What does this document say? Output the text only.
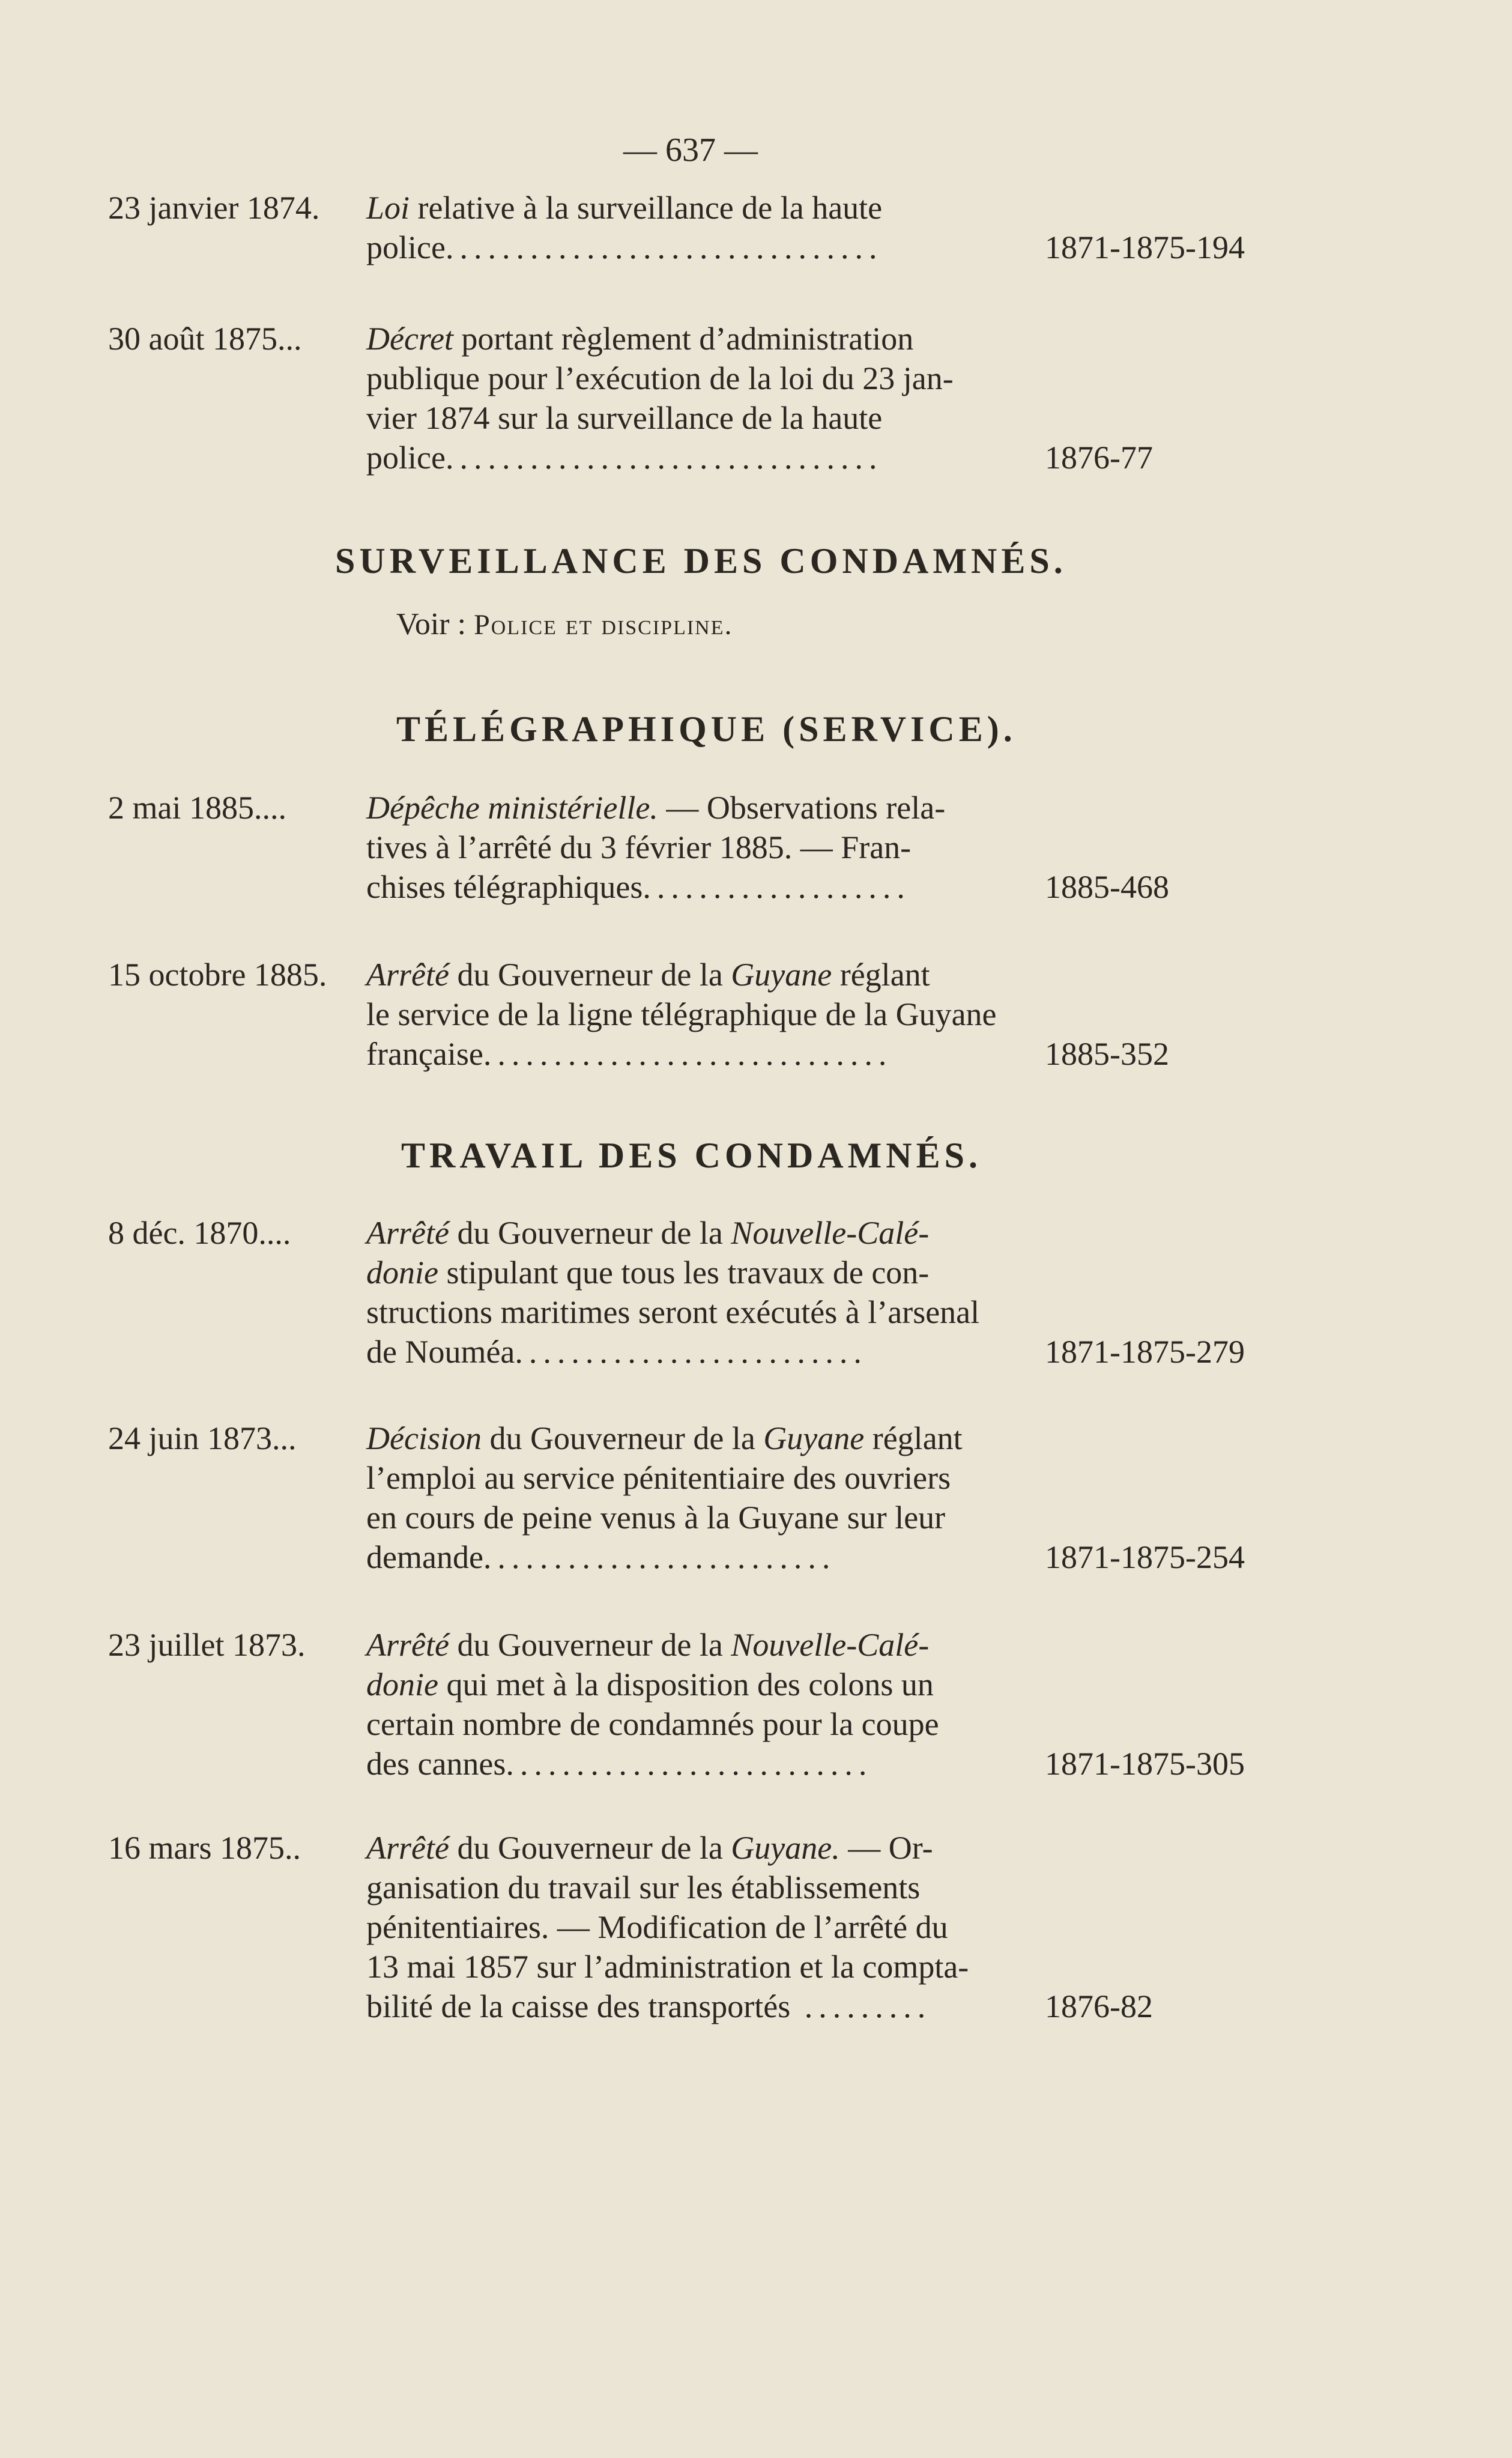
— 637 —
23 janvier 1874. Loi relative à la surveillance de la haute
police...............................	1871-1875-194
30 août 1875... Décret portant règlement d’administration
publique pour l’exécution de la loi du 23 jan-
vier 1874 sur la surveillance de la haute
police...............................	1876-77
SURVEILLANCE DES CONDAMNÉS.
Voir : Police et discipline.
TÉLÉGRAPHIQUE (SERVICE).
2 mai 1885.... Dépêche ministérielle. — Observations rela-
tives à l’arrêté du 3 février 1885. — Fran-
chises télégraphiques...................	1885-468
15 octobre 1885. Arrêté du Gouverneur de la Guyane réglant
le service de la ligne télégraphique de la Guyane
française.............................	1885-352
TRAVAIL DES CONDAMNÉS.
8 déc. 1870.... Arrêté du Gouverneur de la Nouvelle-Calé-
donie stipulant que tous les travaux de con-
structions maritimes seront exécutés à l’arsenal
de Nouméa.........................	1871-1875-279
24 juin 1873... Décision du Gouverneur de la Guyane réglant
l’emploi au service pénitentiaire des ouvriers
en cours de peine venus à la Guyane sur leur
demande.........................	1871-1875-254
23 juillet 1873. Arrêté du Gouverneur de la Nouvelle-Calé-
donie qui met à la disposition des colons un
certain nombre de condamnés pour la coupe
des cannes..........................	1871-1875-305
16 mars 1875.. Arrêté du Gouverneur de la Guyane. — Or-
ganisation du travail sur les établissements
pénitentiaires. — Modification de l’arrêté du
13 mai 1857 sur l’administration et la compta-
bilité de la caisse des transportés .........	1876-82
